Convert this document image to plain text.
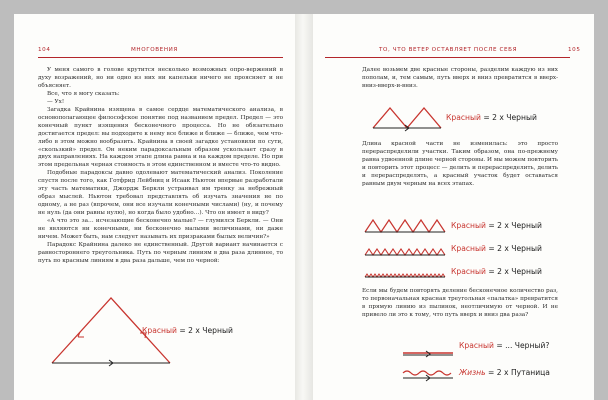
104	МНОГОВЕНИЯ

У меня самого в голове крутится несколько возможных опро-вержений в духу возражений, но ни одно из них ни капельки ничего не проясняет и не объясняет.

Все, что я могу сказать:

— Ух!

Загадка Крайнина изящена в самое сердце математического анализа, в основополагающее философское понятие под названием предел. Предел — это конечный пункт изящения бесконечного процесса. Но не обязательно достигается предел: вы подходите к нему все ближе и ближе — ближе, чем что-либо в этом можно вообразить. Крайнина в своей загадке установили по сути, «скользкий» предел. Он неким парадоксальным образом ускользает сразу в двух направлениях. На каждом этапе длина равна и на каждом пределе. Но при этом предельная черная стоимость в этом единственном и вместе что-то видно.

Подобные парадоксы давно одолевают математический анализ. Поколение спустя после того, как Готфрид Лейбниц и Исаак Ньютон впервые разработали эту часть математики, Джордж Беркли устраивал им тренку за небрежный образ мыслей. Ньютон требовал представлять об изучать значения не по одному, а не раз (впрочем, они все изучали конечными числами) (ну, и почему не нуль (да они равны нулю), но когда было удобно…). Что он имеет в виду?

«А что это за… исчезающие бесконечно малые? — глумился Беркли. — Они не являются ни конечными, ни бесконечно малыми величинами, ни даже ничем. Может быть, нам следует называть их призраками былых величин?»

Парадокс Крайнина далеко не единственный. Другой вариант начинается с равностороннего треугольника. Путь по черным линиям в два раза длиннее, то путь по красным линиям в два раза дальше, чем по черной:

Красный = 2 х Черный
ТО, ЧТО ВЕТЕР ОСТАВЛЯЕТ ПОСЛЕ СЕБЯ	105
Далее возьмем две красные стороны, разделим каждую из них пополам, и, тем самым, путь вверх и вниз превратится в вверх-вниз-вверх-и-вниз.
Красный = 2 х Черный
Длина красной части не изменилась: это просто перераспределили участки. Таким образом, она по-прежнему равна удвоенной длине черной стороны. И мы можем повторить и повторить этот процесс — делить и перераспределить, делить и перераспределять, а красный участок будет оставаться равным двум черным на всех этапах.
Красный = 2 х Черный
Красный = 2 х Черный
Красный = 2 х Черный
Если мы будем повторять деление бесконечное количество раз, то первоначальная красная треугольная «палатка» превратится в прямую линию из пылинок, неотличимую от черной. И не привело ли это к тому, что путь вверх и вниз два раза?
Красный = ... Черный?
Жизнь = 2 х Путаница
